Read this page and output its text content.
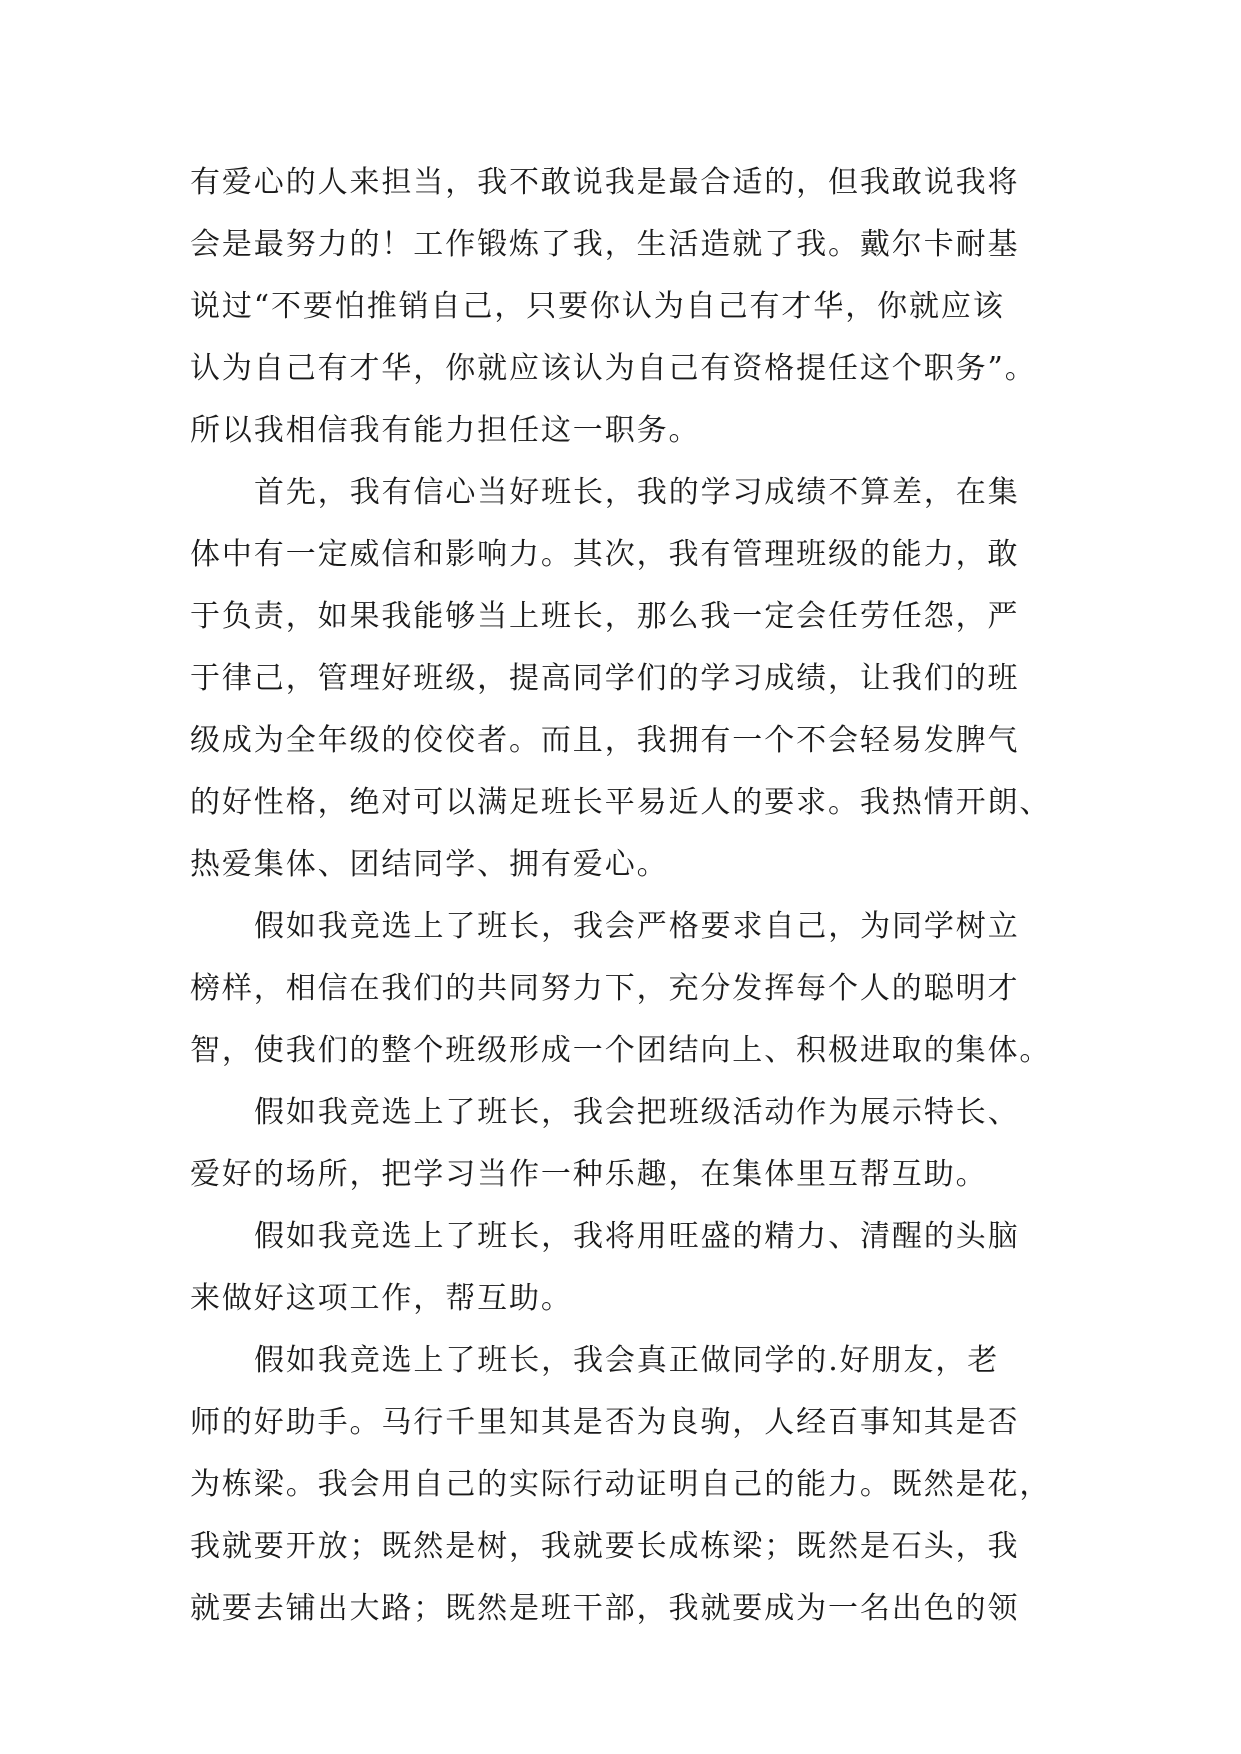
有爱心的人来担当，我不敢说我是最合适的，但我敢说我将
会是最努力的！工作锻炼了我，生活造就了我。戴尔卡耐基
说过“不要怕推销自己，只要你认为自己有才华，你就应该
认为自己有才华，你就应该认为自己有资格提任这个职务”。
所以我相信我有能力担任这一职务。
首先，我有信心当好班长，我的学习成绩不算差，在集
体中有一定威信和影响力。其次，我有管理班级的能力，敢
于负责，如果我能够当上班长，那么我一定会任劳任怨，严
于律己，管理好班级，提高同学们的学习成绩，让我们的班
级成为全年级的佼佼者。而且，我拥有一个不会轻易发脾气
的好性格，绝对可以满足班长平易近人的要求。我热情开朗、
热爱集体、团结同学、拥有爱心。
假如我竞选上了班长，我会严格要求自己，为同学树立
榜样，相信在我们的共同努力下，充分发挥每个人的聪明才
智，使我们的整个班级形成一个团结向上、积极进取的集体。
假如我竞选上了班长，我会把班级活动作为展示特长、
爱好的场所，把学习当作一种乐趣，在集体里互帮互助。
假如我竞选上了班长，我将用旺盛的精力、清醒的头脑
来做好这项工作，帮互助。
假如我竞选上了班长，我会真正做同学的.好朋友，老
师的好助手。马行千里知其是否为良驹，人经百事知其是否
为栋梁。我会用自己的实际行动证明自己的能力。既然是花，
我就要开放；既然是树，我就要长成栋梁；既然是石头，我
就要去铺出大路；既然是班干部，我就要成为一名出色的领
